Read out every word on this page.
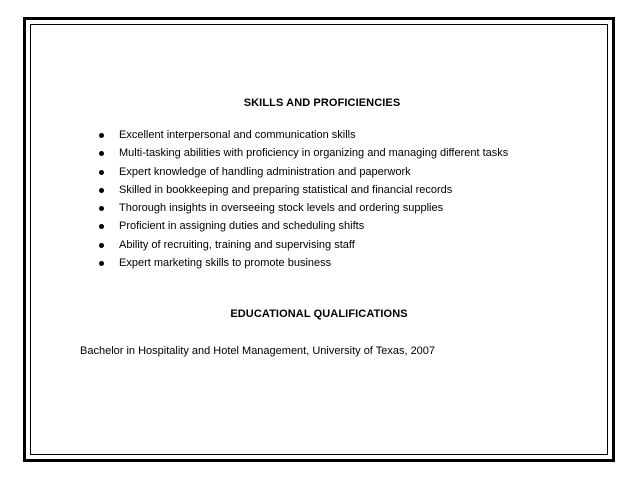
SKILLS AND PROFICIENCIES
Excellent interpersonal and communication skills
Multi-tasking abilities with proficiency in organizing and managing different tasks
Expert knowledge of handling administration and paperwork
Skilled in bookkeeping and preparing statistical and financial records
Thorough insights in overseeing stock levels and ordering supplies
Proficient in assigning duties and scheduling shifts
Ability of recruiting, training and supervising staff
Expert marketing skills to promote business
EDUCATIONAL QUALIFICATIONS
Bachelor in Hospitality and Hotel Management, University of Texas, 2007
